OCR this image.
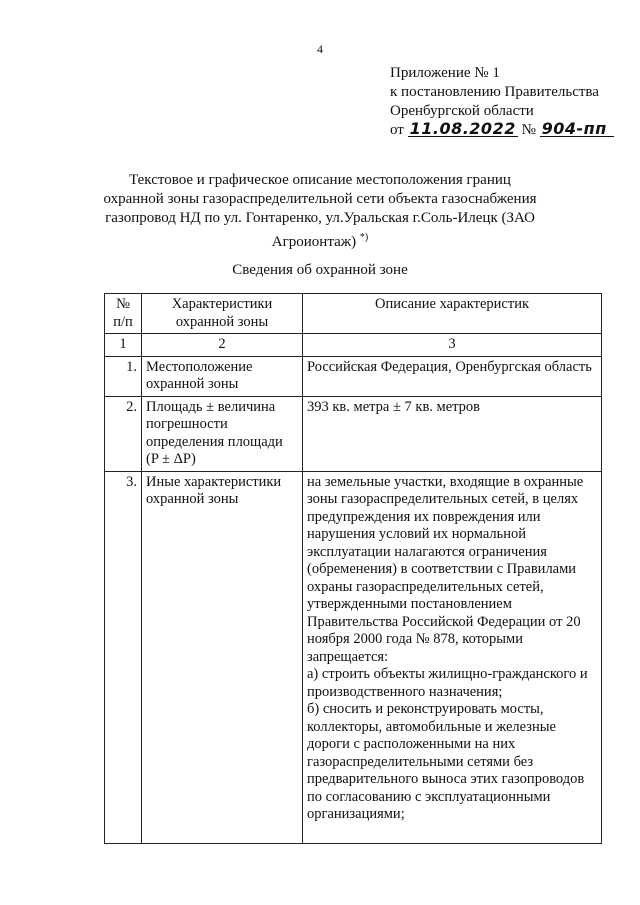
4
Приложение № 1
к постановлению Правительства
Оренбургской области
от 11.08.2022 № 904-пп
Текстовое и графическое описание местоположения границ охранной зоны газораспределительной сети объекта газоснабжения газопровод НД по ул. Гонтаренко, ул.Уральская г.Соль-Илецк (ЗАО Агроионтаж) *)
Сведения об охранной зоне
№ п/п	Характеристики охранной зоны	Описание характеристик
1	2	3
1.	Местоположение охранной зоны	Российская Федерация, Оренбургская область
2.	Площадь ± величина погрешности определения площади (P ± ΔP)	393 кв. метра ± 7 кв. метров
3.	Иные характеристики охранной зоны	на земельные участки, входящие в охранные зоны газораспределительных сетей, в целях предупреждения их повреждения или нарушения условий их нормальной эксплуатации налагаются ограничения (обременения) в соответствии с Правилами охраны газораспределительных сетей, утвержденными постановлением Правительства Российской Федерации от 20 ноября 2000 года № 878, которыми запрещается:
а) строить объекты жилищно-гражданского и производственного назначения;
б) сносить и реконструировать мосты, коллекторы, автомобильные и железные дороги с расположенными на них газораспределительными сетями без предварительного выноса этих газопроводов по согласованию с эксплуатационными организациями;
